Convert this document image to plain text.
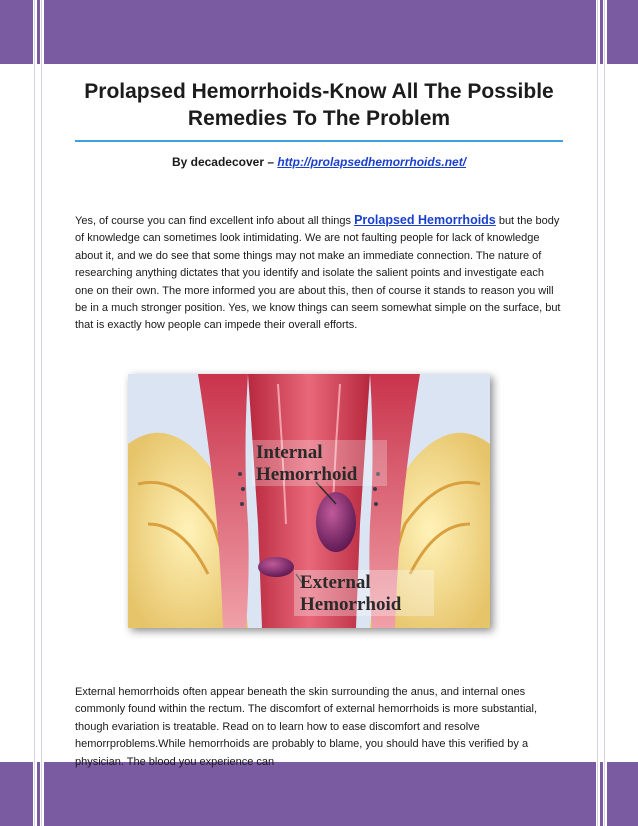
Prolapsed Hemorrhoids-Know All The Possible
Remedies To The Problem
By decadecover – http://prolapsedhemorrhoids.net/
Yes, of course you can find excellent info about all things Prolapsed Hemorrhoids but the body of knowledge can sometimes look intimidating. We are not faulting people for lack of knowledge about it, and we do see that some things may not make an immediate connection. The nature of researching anything dictates that you identify and isolate the salient points and investigate each one on their own. The more informed you are about this, then of course it stands to reason you will be in a much stronger position. Yes, we know things can seem somewhat simple on the surface, but that is exactly how people can impede their overall efforts.
Internal
Hemorrhoid
External
Hemorrhoid
External hemorrhoids often appear beneath the skin surrounding the anus, and internal ones commonly found within the rectum. The discomfort of external hemorrhoids is more substantial, though evariation is treatable. Read on to learn how to ease discomfort and resolve hemorrproblems.While hemorrhoids are probably to blame, you should have this verified by a physician. The blood you experience can
